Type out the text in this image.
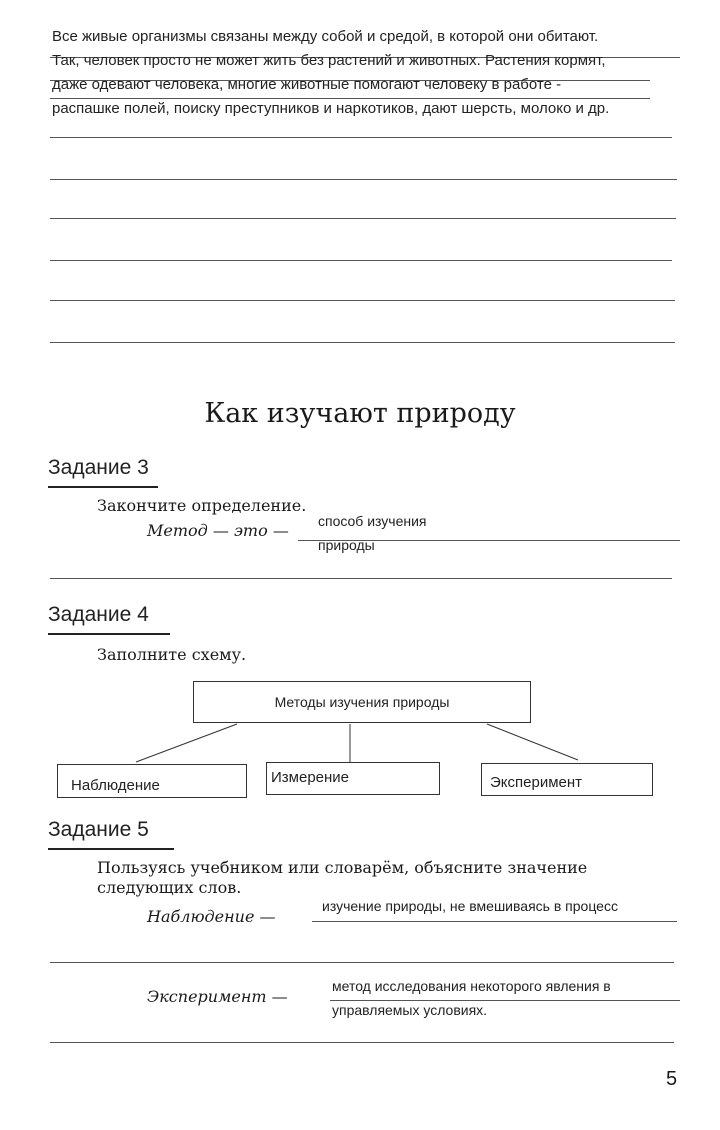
Все живые организмы связаны между собой и средой, в которой они обитают.
Так, человек просто не может жить без растений и животных. Растения кормят,
даже одевают человека, многие животные помогают человеку в работе -
распашке полей, поиску преступников и наркотиков, дают шерсть, молоко и др.
Как изучают природу
Задание 3
Закончите определение.
Метод — это — способ изучения
природы
Задание 4
Заполните схему.
Методы изучения природы
Наблюдение	Измерение	Эксперимент
Задание 5
Пользуясь учебником или словарём, объясните значение
следующих слов.
Наблюдение —
изучение природы, не вмешиваясь в процесс
Эксперимент —
метод исследования некоторого явления в
управляемых условиях.
5
